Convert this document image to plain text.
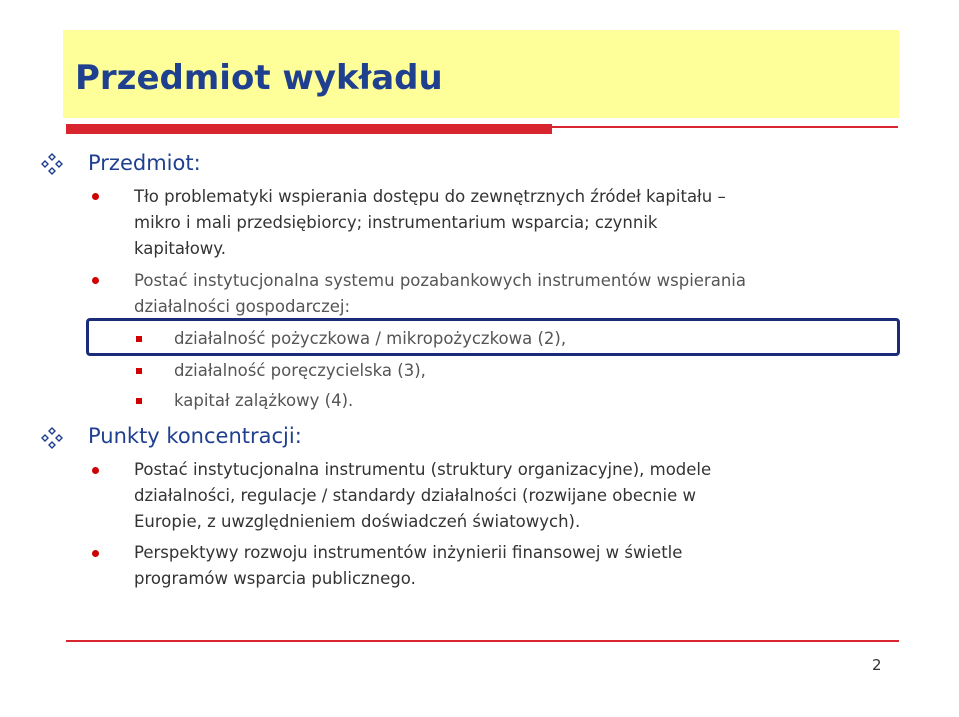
Przedmiot wykładu
Przedmiot:
Tło problematyki wspierania dostępu do zewnętrznych źródeł kapitału –
mikro i mali przedsiębiorcy; instrumentarium wsparcia; czynnik
kapitałowy.
Postać instytucjonalna systemu pozabankowych instrumentów wspierania
działalności gospodarczej:
działalność pożyczkowa / mikropożyczkowa (2),
działalność poręczycielska (3),
kapitał zalążkowy (4).
Punkty koncentracji:
Postać instytucjonalna instrumentu (struktury organizacyjne), modele
działalności, regulacje / standardy działalności (rozwijane obecnie w
Europie, z uwzględnieniem doświadczeń światowych).
Perspektywy rozwoju instrumentów inżynierii finansowej w świetle
programów wsparcia publicznego.
2
